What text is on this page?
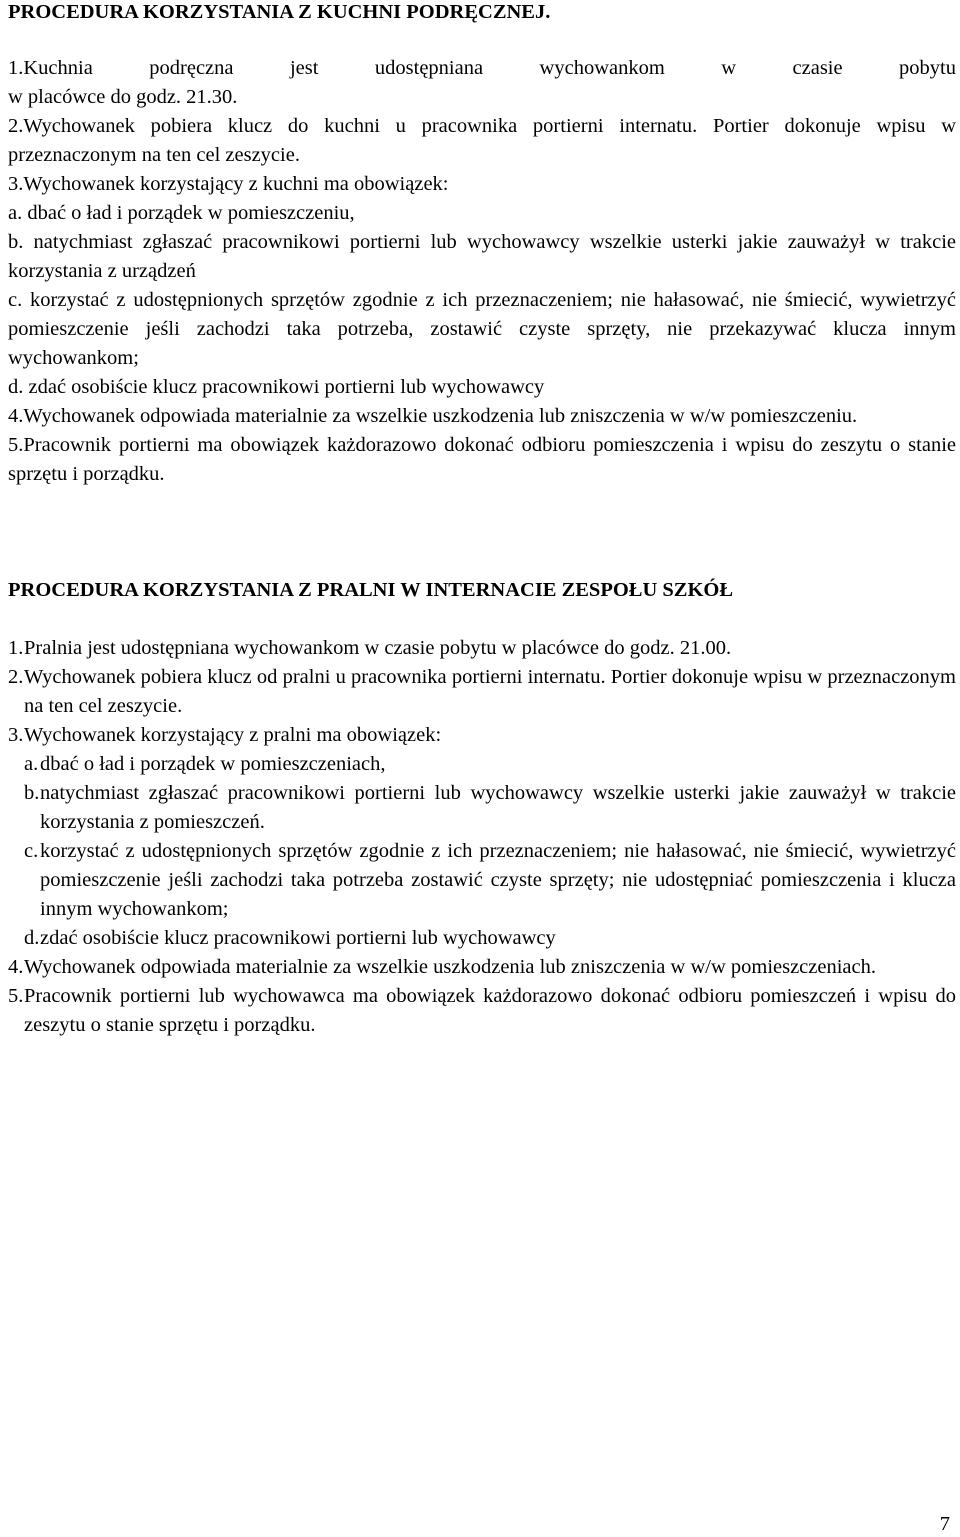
PROCEDURA KORZYSTANIA Z KUCHNI PODRĘCZNEJ.

1.Kuchnia podręczna jest udostępniana wychowankom w czasie pobytu

w placówce do godz. 21.30.

2.Wychowanek pobiera klucz do kuchni u pracownika portierni internatu. Portier dokonuje wpisu w przeznaczonym na ten cel zeszycie.

3.Wychowanek korzystający z kuchni ma obowiązek:

a. dbać o ład i porządek w pomieszczeniu,

b. natychmiast zgłaszać pracownikowi portierni lub wychowawcy wszelkie usterki jakie zauważył w trakcie korzystania z urządzeń

c. korzystać z udostępnionych sprzętów zgodnie z ich przeznaczeniem; nie hałasować, nie śmiecić, wywietrzyć pomieszczenie jeśli zachodzi taka potrzeba, zostawić czyste sprzęty, nie przekazywać klucza innym wychowankom;

d. zdać osobiście klucz pracownikowi portierni lub wychowawcy

4.Wychowanek odpowiada materialnie za wszelkie uszkodzenia lub zniszczenia w w/w pomieszczeniu.

5.Pracownik portierni ma obowiązek każdorazowo dokonać odbioru pomieszczenia i wpisu do zeszytu o stanie sprzętu i porządku.

PROCEDURA KORZYSTANIA Z PRALNI W INTERNACIE ZESPOŁU SZKÓŁ
1. Pralnia jest udostępniana wychowankom w czasie pobytu w placówce do godz. 21.00.
2. Wychowanek pobiera klucz od pralni u pracownika portierni internatu. Portier dokonuje wpisu w przeznaczonym na ten cel zeszycie.
3. Wychowanek korzystający z pralni ma obowiązek:
a. dbać o ład i porządek w pomieszczeniach,
b. natychmiast zgłaszać pracownikowi portierni lub wychowawcy wszelkie usterki jakie zauważył w trakcie korzystania z pomieszczeń.
c. korzystać z udostępnionych sprzętów zgodnie z ich przeznaczeniem; nie hałasować, nie śmiecić, wywietrzyć pomieszczenie jeśli zachodzi taka potrzeba zostawić czyste sprzęty; nie udostępniać pomieszczenia i klucza innym wychowankom;
d. zdać osobiście klucz pracownikowi portierni lub wychowawcy
4. Wychowanek odpowiada materialnie za wszelkie uszkodzenia lub zniszczenia w w/w pomieszczeniach.
5. Pracownik portierni lub wychowawca ma obowiązek każdorazowo dokonać odbioru pomieszczeń i wpisu do zeszytu o stanie sprzętu i porządku.
7
